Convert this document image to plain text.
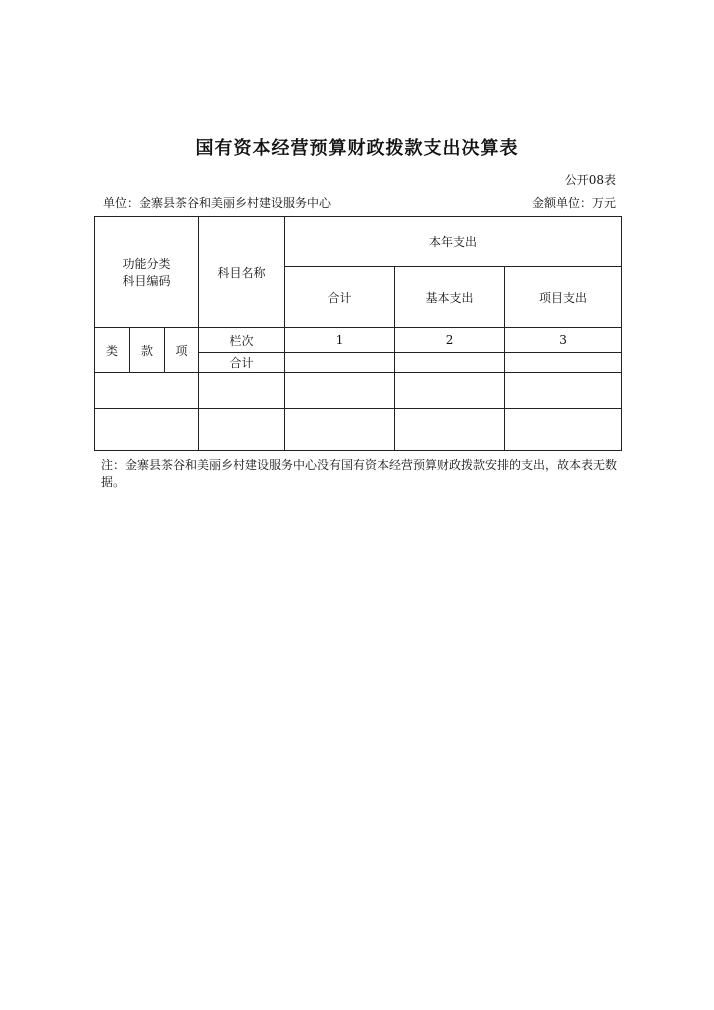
国有资本经营预算财政拨款支出决算表
公开08表
单位：金寨县茶谷和美丽乡村建设服务中心	金额单位：万元
功能分类
科目编码			科目名称	本年支出		
				合计	基本支出	项目支出
类	款	项	栏次	1	2	3
			合计			

注：金寨县茶谷和美丽乡村建设服务中心没有国有资本经营预算财政拨款安排的支出，故本表无数据。
